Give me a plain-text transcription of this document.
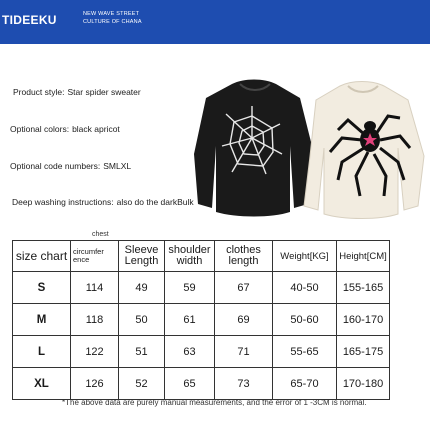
TIDEEKU	NEW WAVE STREET
CULTURE OF CHANA
Product style: Star spider sweater
Optional colors: black apricot
Optional code numbers: SMLXL
Deep washing instructions: also do the darkBulk
chest
size chart	circumfer ence	Sleeve Length	shoulder width	clothes length	Weight[KG]	Height[CM]
S	114	49	59	67	40-50	155-165
M	118	50	61	69	50-60	160-170
L	122	51	63	71	55-65	165-175
XL	126	52	65	73	65-70	170-180
*The above data are purely manual measurements, and the error of 1 -3CM is normal.
